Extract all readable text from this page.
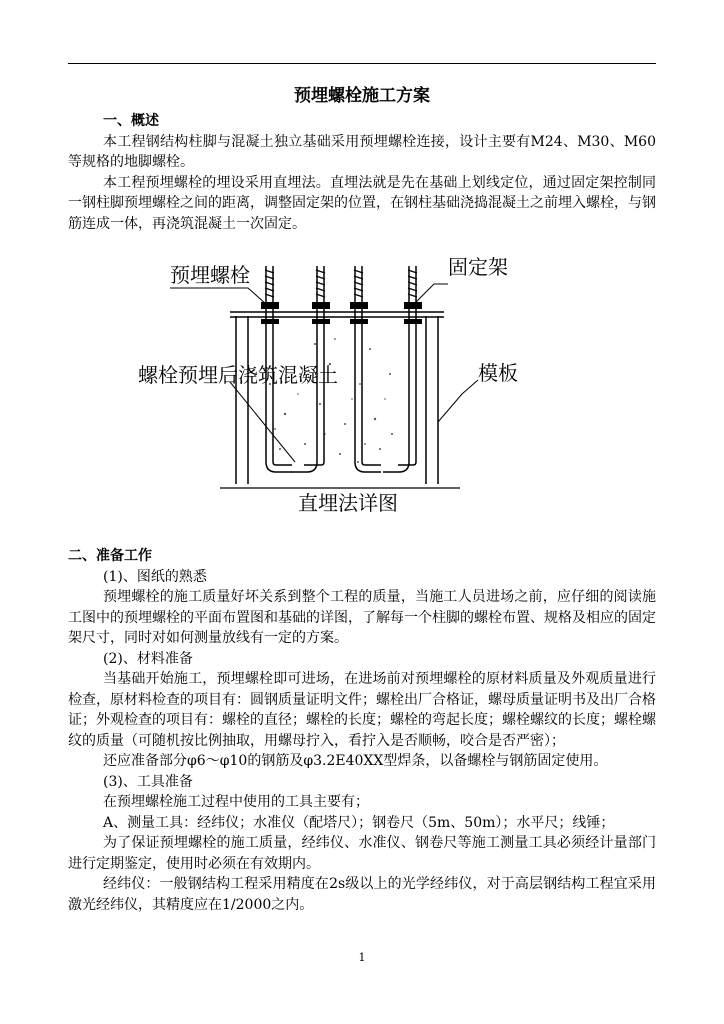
预埋螺栓施工方案
一、概述
本工程钢结构柱脚与混凝土独立基础采用预埋螺栓连接，设计主要有M24、M30、M60等规格的地脚螺栓。
本工程预埋螺栓的埋设采用直埋法。直埋法就是先在基础上划线定位，通过固定架控制同一钢柱脚预埋螺栓之间的距离，调整固定架的位置，在钢柱基础浇捣混凝土之前埋入螺栓，与钢筋连成一体，再浇筑混凝土一次固定。
预埋螺栓	固定架
螺栓预埋后浇筑混凝土	模板
直埋法详图
二、准备工作
(1)、图纸的熟悉
预埋螺栓的施工质量好坏关系到整个工程的质量，当施工人员进场之前，应仔细的阅读施工图中的预埋螺栓的平面布置图和基础的详图，了解每一个柱脚的螺栓布置、规格及相应的固定架尺寸，同时对如何测量放线有一定的方案。
(2)、材料准备
当基础开始施工，预埋螺栓即可进场，在进场前对预埋螺栓的原材料质量及外观质量进行检查，原材料检查的项目有：圆钢质量证明文件；螺栓出厂合格证，螺母质量证明书及出厂合格证；外观检查的项目有：螺栓的直径；螺栓的长度；螺栓的弯起长度；螺栓螺纹的长度；螺栓螺纹的质量（可随机按比例抽取，用螺母拧入，看拧入是否顺畅，咬合是否严密）；
还应准备部分φ6～φ10的钢筋及φ3.2E40XX型焊条，以备螺栓与钢筋固定使用。
(3)、工具准备
在预埋螺栓施工过程中使用的工具主要有；
A、测量工具：经纬仪；水准仪（配塔尺）；钢卷尺（5m、50m）；水平尺；线锤；
为了保证预埋螺栓的施工质量，经纬仪、水准仪、钢卷尺等施工测量工具必须经计量部门进行定期鉴定，使用时必须在有效期内。
经纬仪：一般钢结构工程采用精度在2s级以上的光学经纬仪，对于高层钢结构工程宜采用激光经纬仪，其精度应在1/2000之内。
1
